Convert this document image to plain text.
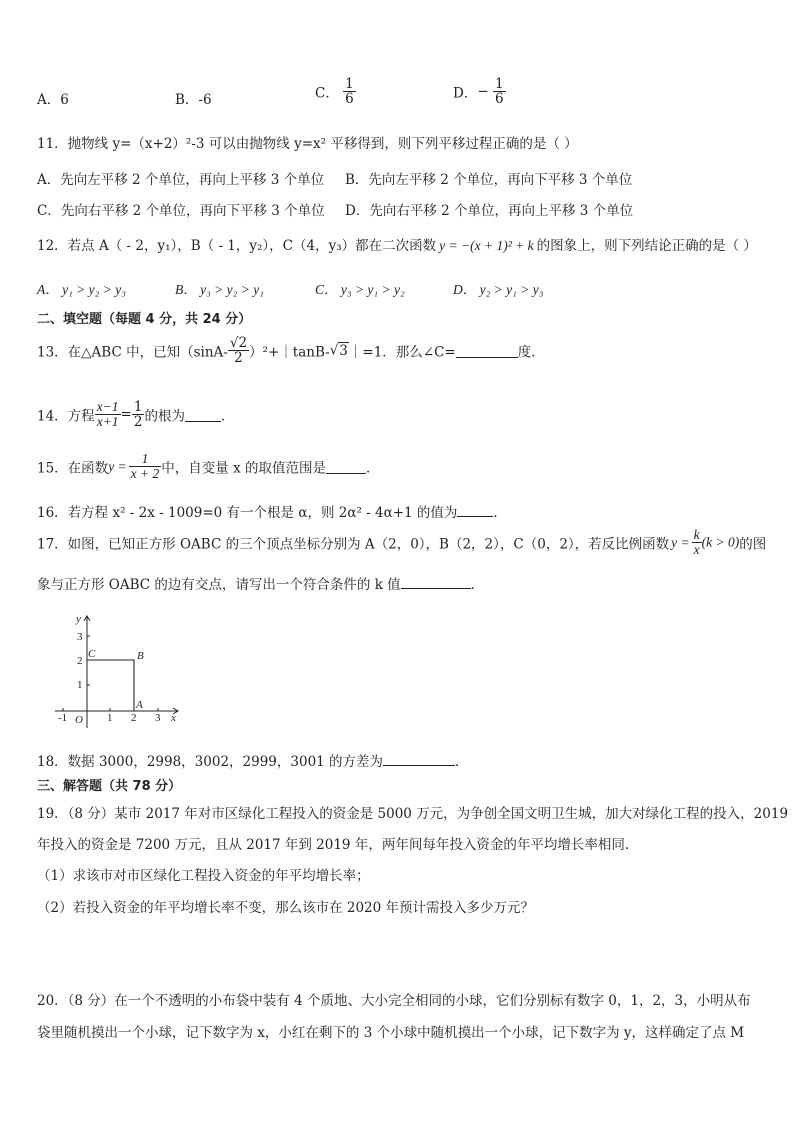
A．6	B．-6	C． $\frac{1}{6}$	D．− $\frac{1}{6}$
11．抛物线 y=（x+2）²-3 可以由抛物线 y=x² 平移得到，则下列平移过程正确的是（ ）
A．先向左平移 2 个单位，再向上平移 3 个单位 B．先向左平移 2 个单位，再向下平移 3 个单位
C．先向右平移 2 个单位，再向下平移 3 个单位 D．先向右平移 2 个单位，再向上平移 3 个单位
12．若点 A（ - 2，y₁），B（ - 1，y₂），C（4，y₃）都在二次函数 y = −(x + 1)² + k 的图象上，则下列结论正确的是（ ）
A． y₁ > y₂ > y₃	B． y₃ > y₂ > y₁	C． y₃ > y₁ > y₂	D． y₂ > y₁ > y₃
二、填空题（每题 4 分，共 24 分）
13．在△ABC 中，已知（$\sin A- \frac{√2}{2}$ ）²+｜tanB-√3｜=1．那么∠C=	度．
14．方程 $\frac{x-1}{x+1} = \frac{1}{2}$ 的根为	．
15．在函数$y = \frac{1}{x + 2}$ 中，自变量 x 的取值范围是	．
16．若方程 x² - 2x - 1009=0 有一个根是 α，则 2α² - 4α+1 的值为	．
17．如图，已知正方形 OABC 的三个顶点坐标分别为 A（2，0），B（2，2），C（0，2），若反比例函数 $y = \frac{k}{x} (k > 0)$的图
象与正方形 OABC 的边有交点，请写出一个符合条件的 k 值	．
y
x
O
-1	1 2 3
1
2
3
C	B
A
18．数据 3000，2998，3002，2999，3001 的方差为	．
三、解答题（共 78 分）
19．（8 分）某市 2017 年对市区绿化工程投入的资金是 5000 万元，为争创全国文明卫生城，加大对绿化工程的投入，2019
年投入的资金是 7200 万元，且从 2017 年到 2019 年，两年间每年投入资金的年平均增长率相同.
（1）求该市对市区绿化工程投入资金的年平均增长率；
（2）若投入资金的年平均增长率不变，那么该市在 2020 年预计需投入多少万元？
20．（8 分）在一个不透明的小布袋中装有 4 个质地、大小完全相同的小球，它们分别标有数字 0，1，2，3，小明从布
袋里随机摸出一个小球，记下数字为 x，小红在剩下的 3 个小球中随机摸出一个小球，记下数字为 y，这样确定了点 M
